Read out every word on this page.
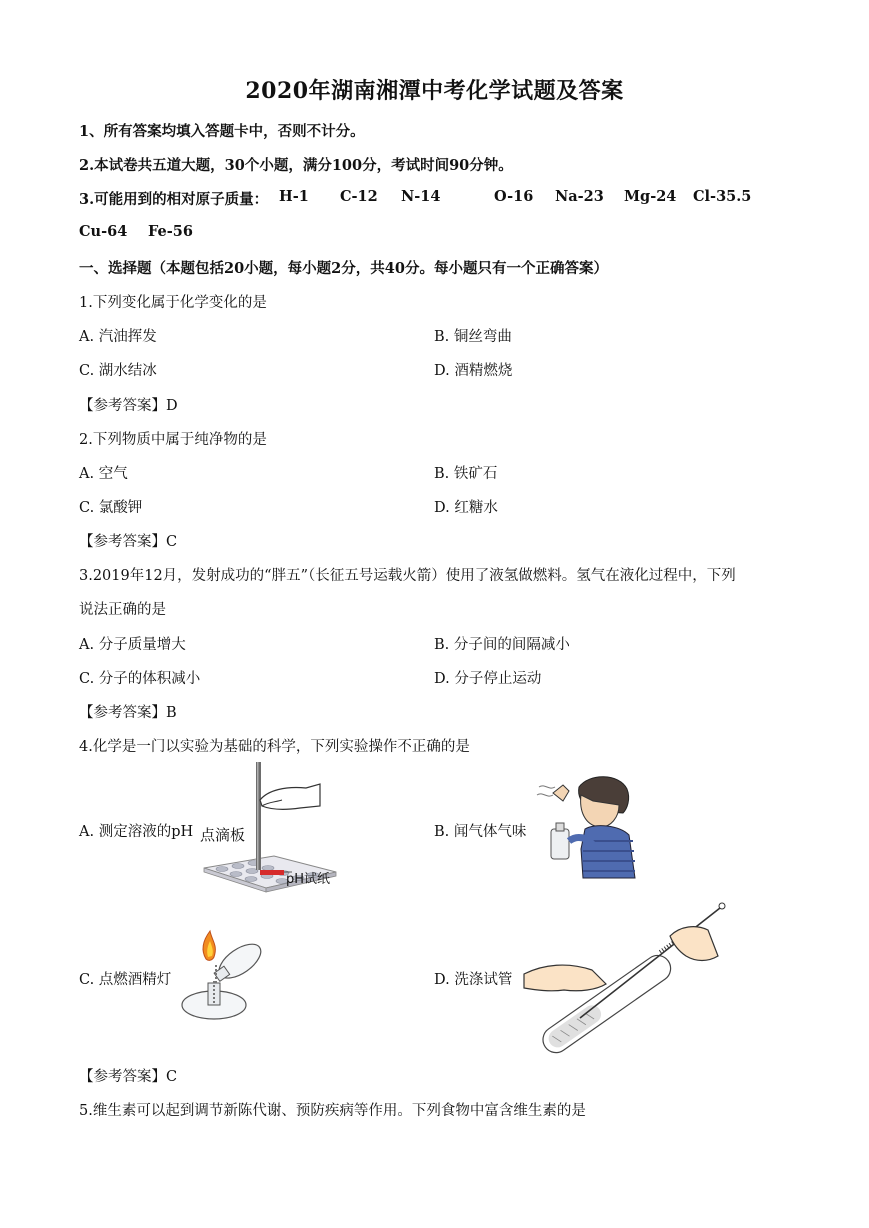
2020年湖南湘潭中考化学试题及答案
1、所有答案均填入答题卡中，否则不计分。
2.本试卷共五道大题，30个小题，满分100分，考试时间90分钟。
3.可能用到的相对原子质量： H-1 C-12 N-14	O-16 Na-23 Mg-24 Cl-35.5
Cu-64 Fe-56
一、选择题（本题包括20小题，每小题2分，共40分。每小题只有一个正确答案）
1.下列变化属于化学变化的是
A. 汽油挥发	B. 铜丝弯曲
C. 湖水结冰	D. 酒精燃烧
【参考答案】D
2.下列物质中属于纯净物的是
A. 空气	B. 铁矿石
C. 氯酸钾	D. 红糖水
【参考答案】C
3.2019年12月，发射成功的“胖五”（长征五号运载火箭）使用了液氢做燃料。氢气在液化过程中，下列
说法正确的是
A. 分子质量增大	B. 分子间的间隔减小
C. 分子的体积减小	D. 分子停止运动
【参考答案】B
4.化学是一门以实验为基础的科学，下列实验操作不正确的是
A. 测定溶液的pH	B. 闻气体气味
C. 点燃酒精灯	D. 洗涤试管
点滴板
pH试纸
【参考答案】C
5.维生素可以起到调节新陈代谢、预防疾病等作用。下列食物中富含维生素的是
